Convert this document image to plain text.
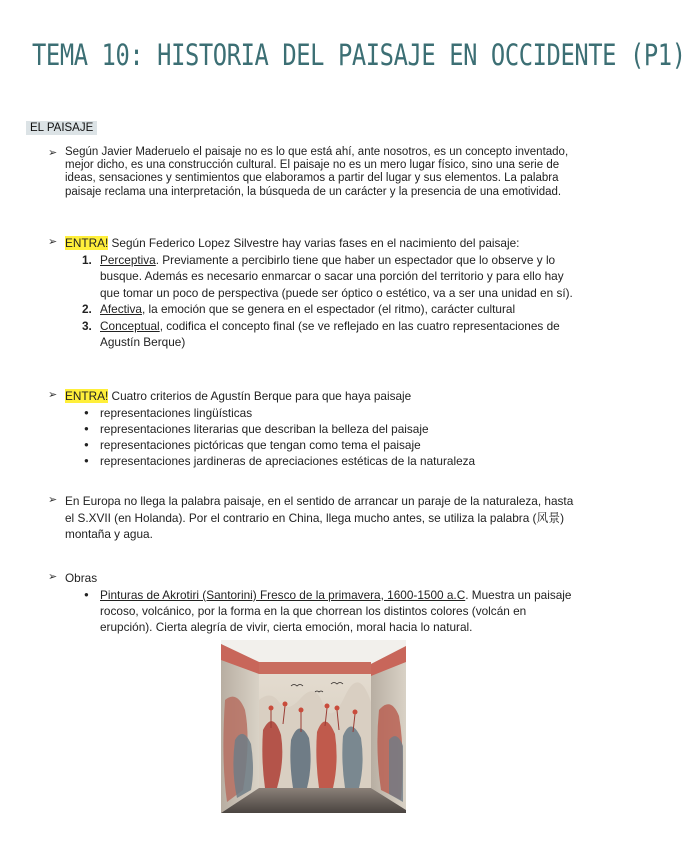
TEMA 10: HISTORIA DEL PAISAJE EN OCCIDENTE (P1)
EL PAISAJE
➢ Según Javier Maderuelo el paisaje no es lo que está ahí, ante nosotros, es un concepto inventado, mejor dicho, es una construcción cultural. El paisaje no es un mero lugar físico, sino una serie de ideas, sensaciones y sentimientos que elaboramos a partir del lugar y sus elementos. La palabra paisaje reclama una interpretación, la búsqueda de un carácter y la presencia de una emotividad.
➢ ENTRA! Según Federico Lopez Silvestre hay varias fases en el nacimiento del paisaje:
1. Perceptiva. Previamente a percibirlo tiene que haber un espectador que lo observe y lo busque. Además es necesario enmarcar o sacar una porción del territorio y para ello hay que tomar un poco de perspectiva (puede ser óptico o estético, va a ser una unidad en sí).
2. Afectiva, la emoción que se genera en el espectador (el ritmo), carácter cultural
3. Conceptual, codifica el concepto final (se ve reflejado en las cuatro representaciones de Agustín Berque)
➢ ENTRA! Cuatro criterios de Agustín Berque para que haya paisaje
● representaciones lingüísticas
● representaciones literarias que describan la belleza del paisaje
● representaciones pictóricas que tengan como tema el paisaje
● representaciones jardineras de apreciaciones estéticas de la naturaleza
➢ En Europa no llega la palabra paisaje, en el sentido de arrancar un paraje de la naturaleza, hasta el S.XVII (en Holanda). Por el contrario en China, llega mucho antes, se utiliza la palabra (风景) montaña y agua.
➢ Obras
● Pinturas de Akrotiri (Santorini) Fresco de la primavera, 1600-1500 a.C. Muestra un paisaje rocoso, volcánico, por la forma en la que chorrean los distintos colores (volcán en erupción). Cierta alegría de vivir, cierta emoción, moral hacia lo natural.
